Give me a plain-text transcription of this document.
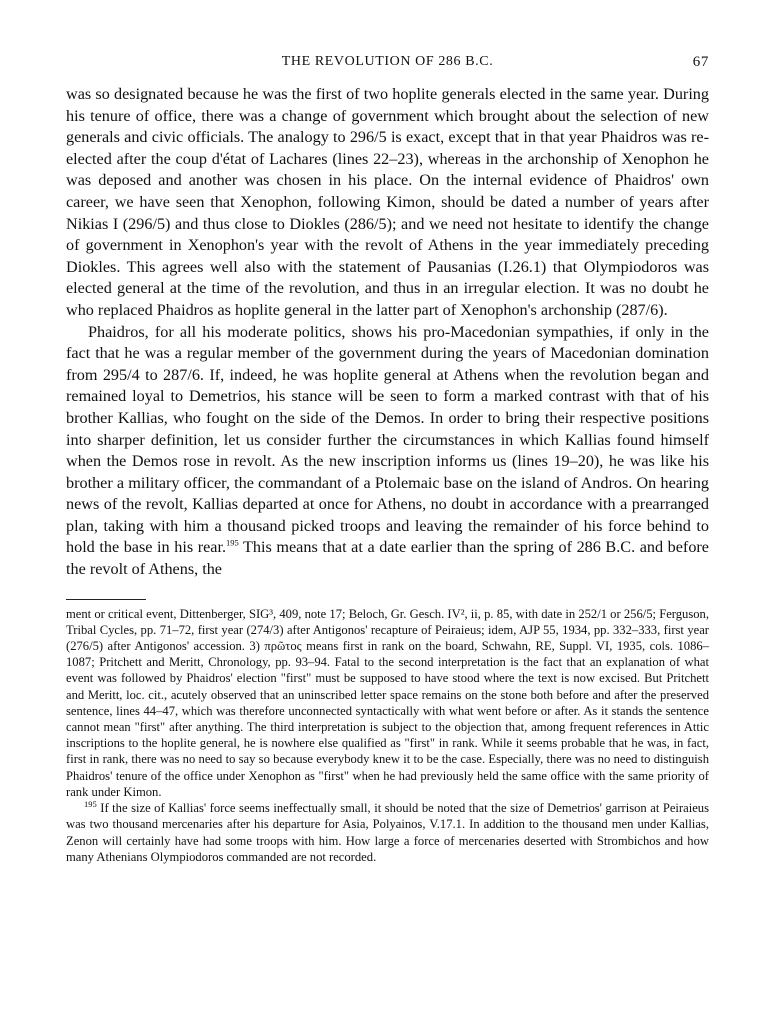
THE REVOLUTION OF 286 B.C.	67

was so designated because he was the first of two hoplite generals elected in the same year. During his tenure of office, there was a change of government which brought about the selection of new generals and civic officials. The analogy to 296/5 is exact, except that in that year Phaidros was re-elected after the coup d'état of Lachares (lines 22–23), whereas in the archonship of Xenophon he was deposed and another was chosen in his place. On the internal evidence of Phaidros' own career, we have seen that Xenophon, following Kimon, should be dated a number of years after Nikias I (296/5) and thus close to Diokles (286/5); and we need not hesitate to identify the change of government in Xenophon's year with the revolt of Athens in the year immediately preceding Diokles. This agrees well also with the statement of Pausanias (I.26.1) that Olympiodoros was elected general at the time of the revolution, and thus in an irregular election. It was no doubt he who replaced Phaidros as hoplite general in the latter part of Xenophon's archonship (287/6).

Phaidros, for all his moderate politics, shows his pro-Macedonian sympathies, if only in the fact that he was a regular member of the government during the years of Macedonian domination from 295/4 to 287/6. If, indeed, he was hoplite general at Athens when the revolution began and remained loyal to Demetrios, his stance will be seen to form a marked contrast with that of his brother Kallias, who fought on the side of the Demos. In order to bring their respective positions into sharper definition, let us consider further the circumstances in which Kallias found himself when the Demos rose in revolt. As the new inscription informs us (lines 19–20), he was like his brother a military officer, the commandant of a Ptolemaic base on the island of Andros. On hearing news of the revolt, Kallias departed at once for Athens, no doubt in accordance with a prearranged plan, taking with him a thousand picked troops and leaving the remainder of his force behind to hold the base in his rear.$^{195}$ This means that at a date earlier than the spring of 286 B.C. and before the revolt of Athens, the

ment or critical event, Dittenberger, SIG³, 409, note 17; Beloch, Gr. Gesch. IV², ii, p. 85, with date in 252/1 or 256/5; Ferguson, Tribal Cycles, pp. 71–72, first year (274/3) after Antigonos' recapture of Peiraieus; idem, AJP 55, 1934, pp. 332–333, first year (276/5) after Antigonos' accession. 3) πρῶτος means first in rank on the board, Schwahn, RE, Suppl. VI, 1935, cols. 1086–1087; Pritchett and Meritt, Chronology, pp. 93–94. Fatal to the second interpretation is the fact that an explanation of what event was followed by Phaidros' election "first" must be supposed to have stood where the text is now excised. But Pritchett and Meritt, loc. cit., acutely observed that an uninscribed letter space remains on the stone both before and after the preserved sentence, lines 44–47, which was therefore unconnected syntactically with what went before or after. As it stands the sentence cannot mean "first" after anything. The third interpretation is subject to the objection that, among frequent references in Attic inscriptions to the hoplite general, he is nowhere else qualified as "first" in rank. While it seems probable that he was, in fact, first in rank, there was no need to say so because everybody knew it to be the case. Especially, there was no need to distinguish Phaidros' tenure of the office under Xenophon as "first" when he had previously held the same office with the same priority of rank under Kimon.

$^{195}$ If the size of Kallias' force seems ineffectually small, it should be noted that the size of Demetrios' garrison at Peiraieus was two thousand mercenaries after his departure for Asia, Polyainos, V.17.1. In addition to the thousand men under Kallias, Zenon will certainly have had some troops with him. How large a force of mercenaries deserted with Strombichos and how many Athenians Olympiodoros commanded are not recorded.
